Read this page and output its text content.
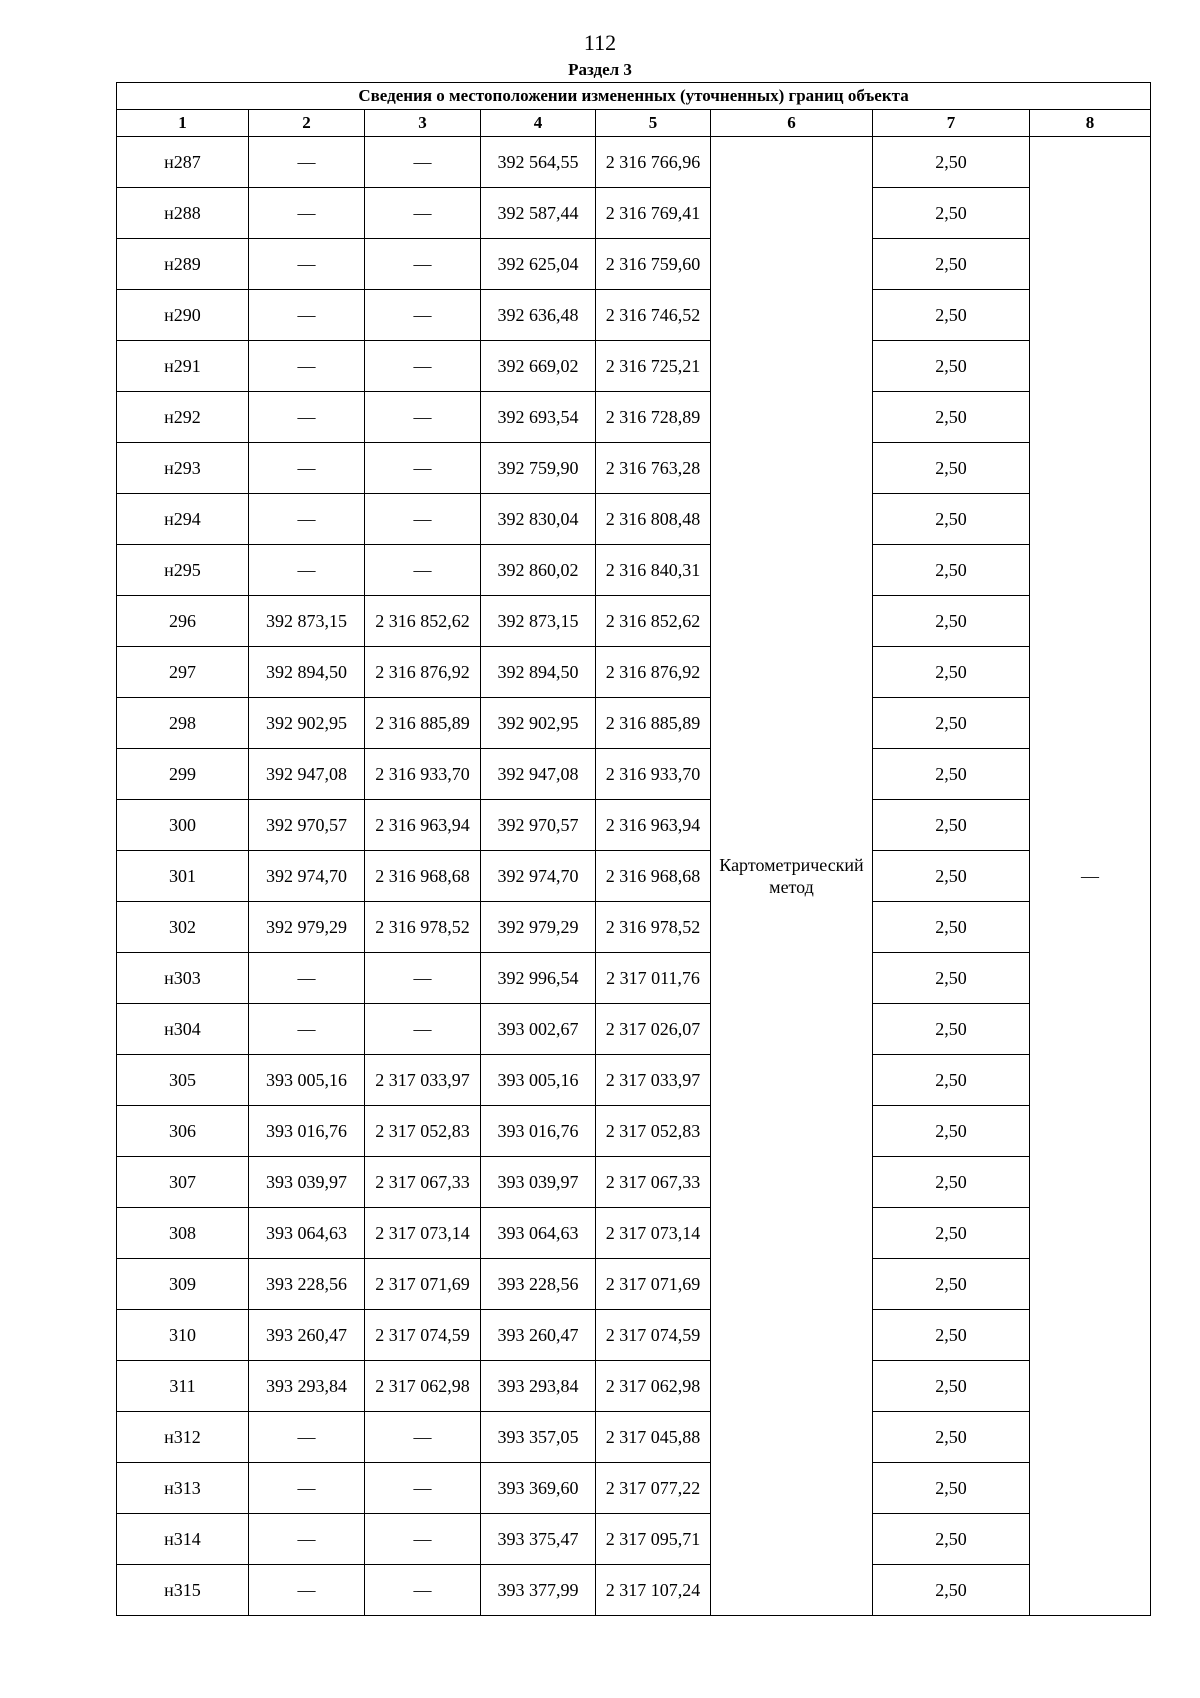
112
Раздел 3
Сведения о местоположении измененных (уточненных) границ объекта							
1	2	3	4	5	6	7	8
н287	—	—	392 564,55	2 316 766,96	Картометрический метод	2,50	—
н288	—	—	392 587,44	2 316 769,41		2,50	
н289	—	—	392 625,04	2 316 759,60		2,50	
н290	—	—	392 636,48	2 316 746,52		2,50	
н291	—	—	392 669,02	2 316 725,21		2,50	
н292	—	—	392 693,54	2 316 728,89		2,50	
н293	—	—	392 759,90	2 316 763,28		2,50	
н294	—	—	392 830,04	2 316 808,48		2,50	
н295	—	—	392 860,02	2 316 840,31		2,50	
296	392 873,15	2 316 852,62	392 873,15	2 316 852,62		2,50	
297	392 894,50	2 316 876,92	392 894,50	2 316 876,92		2,50	
298	392 902,95	2 316 885,89	392 902,95	2 316 885,89		2,50	
299	392 947,08	2 316 933,70	392 947,08	2 316 933,70		2,50	
300	392 970,57	2 316 963,94	392 970,57	2 316 963,94		2,50	
301	392 974,70	2 316 968,68	392 974,70	2 316 968,68		2,50	
302	392 979,29	2 316 978,52	392 979,29	2 316 978,52		2,50	
н303	—	—	392 996,54	2 317 011,76		2,50	
н304	—	—	393 002,67	2 317 026,07		2,50	
305	393 005,16	2 317 033,97	393 005,16	2 317 033,97		2,50	
306	393 016,76	2 317 052,83	393 016,76	2 317 052,83		2,50	
307	393 039,97	2 317 067,33	393 039,97	2 317 067,33		2,50	
308	393 064,63	2 317 073,14	393 064,63	2 317 073,14		2,50	
309	393 228,56	2 317 071,69	393 228,56	2 317 071,69		2,50	
310	393 260,47	2 317 074,59	393 260,47	2 317 074,59		2,50	
311	393 293,84	2 317 062,98	393 293,84	2 317 062,98		2,50	
н312	—	—	393 357,05	2 317 045,88		2,50	
н313	—	—	393 369,60	2 317 077,22		2,50	
н314	—	—	393 375,47	2 317 095,71		2,50	
н315	—	—	393 377,99	2 317 107,24		2,50	
